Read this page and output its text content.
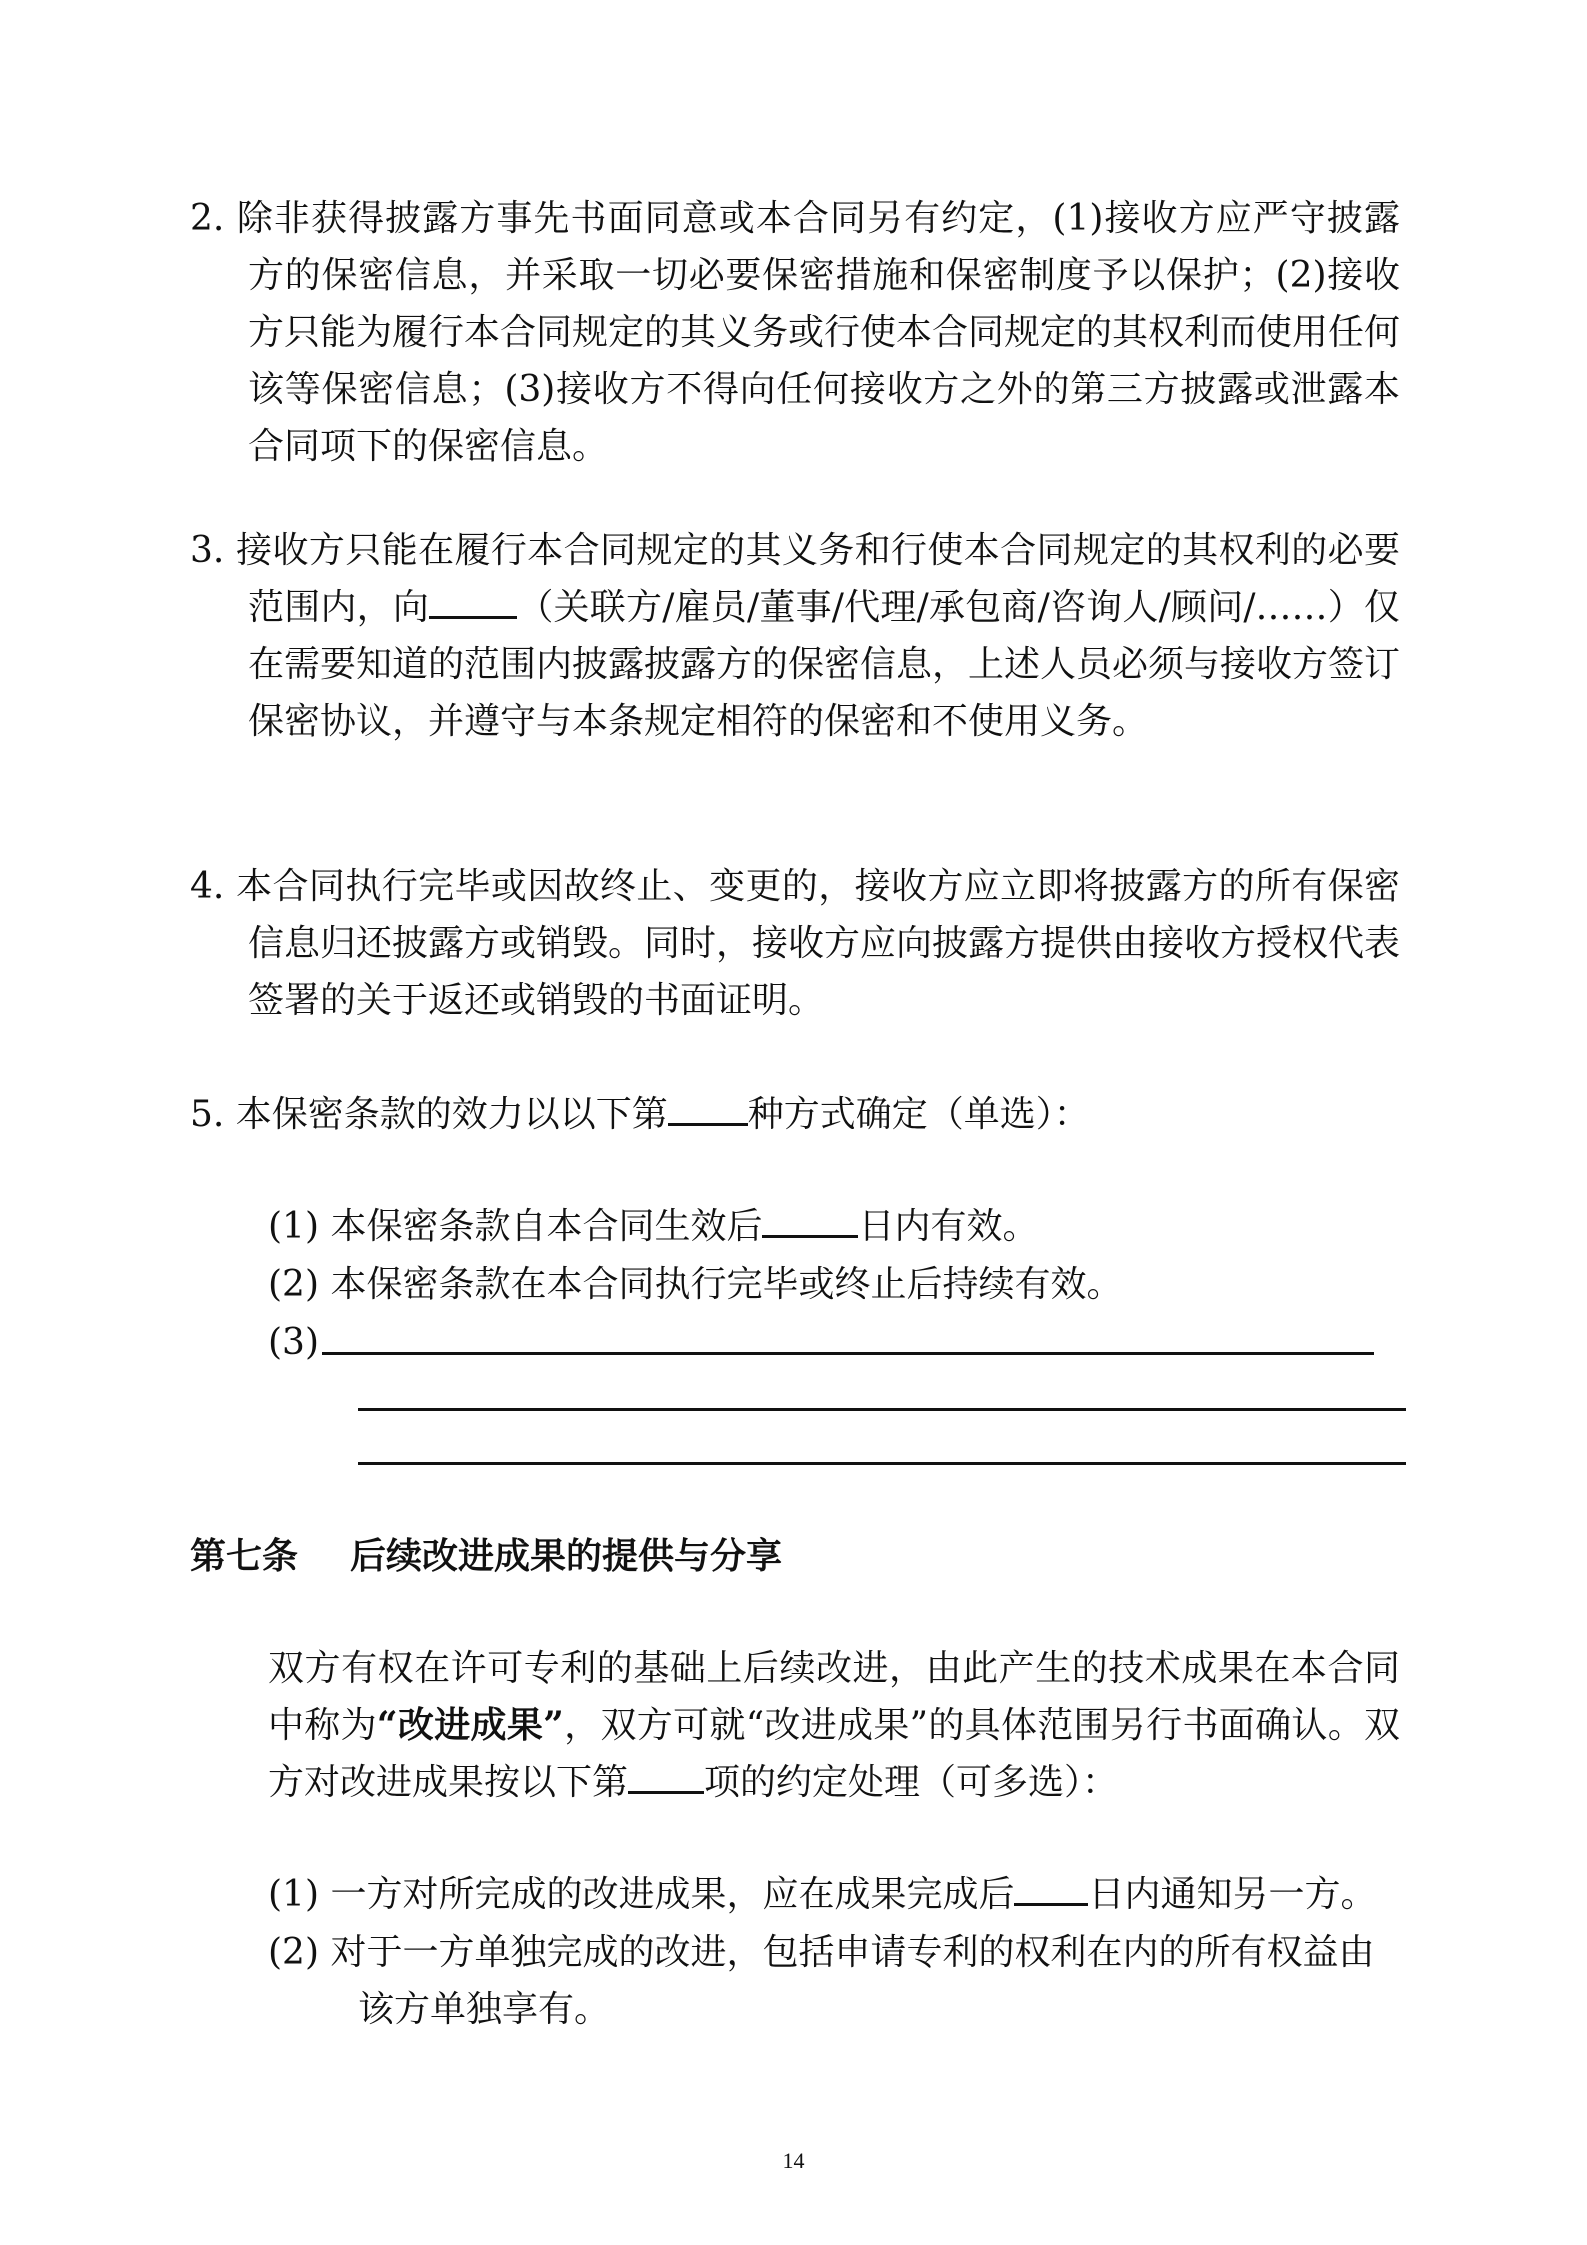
2. 除非获得披露方事先书面同意或本合同另有约定，(1)接收方应严守披露方的保密信息，并采取一切必要保密措施和保密制度予以保护；(2)接收方只能为履行本合同规定的其义务或行使本合同规定的其权利而使用任何该等保密信息；(3)接收方不得向任何接收方之外的第三方披露或泄露本合同项下的保密信息。
3. 接收方只能在履行本合同规定的其义务和行使本合同规定的其权利的必要范围内，向 （关联方/雇员/董事/代理/承包商/咨询人/顾问/……）仅在需要知道的范围内披露披露方的保密信息，上述人员必须与接收方签订保密协议，并遵守与本条规定相符的保密和不使用义务。
4. 本合同执行完毕或因故终止、变更的，接收方应立即将披露方的所有保密信息归还披露方或销毁。同时，接收方应向披露方提供由接收方授权代表签署的关于返还或销毁的书面证明。
5. 本保密条款的效力以以下第 种方式确定（单选）：
(1) 本保密条款自本合同生效后	日内有效。
(2) 本保密条款在本合同执行完毕或终止后持续有效。
(3)
第七条 后续改进成果的提供与分享
双方有权在许可专利的基础上后续改进，由此产生的技术成果在本合同中称为“改进成果”，双方可就“改进成果”的具体范围另行书面确认。双方对改进成果按以下第 项的约定处理（可多选）：
(1) 一方对所完成的改进成果，应在成果完成后 日内通知另一方。
(2) 对于一方单独完成的改进，包括申请专利的权利在内的所有权益由该方单独享有。
14
